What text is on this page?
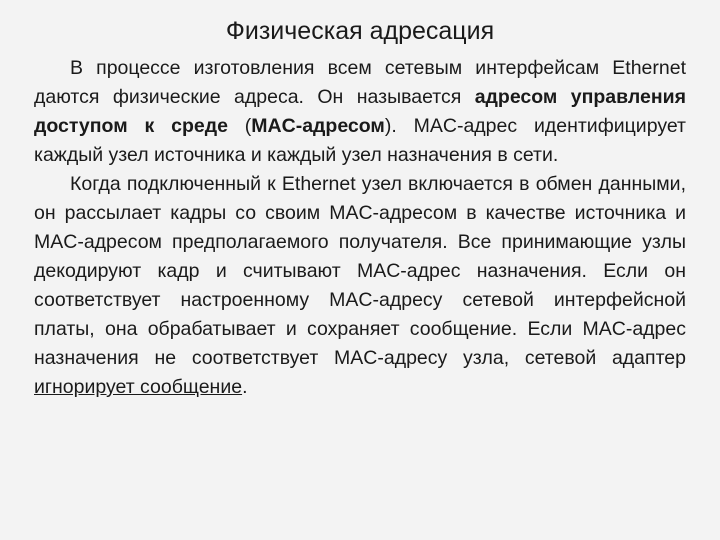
Физическая адресация

В процессе изготовления всем сетевым интерфейсам Ethernet даются физические адреса. Он называется адресом управления доступом к среде (MAC-адресом). MAC-адрес идентифицирует каждый узел источника и каждый узел назначения в сети.

Когда подключенный к Ethernet узел включается в обмен данными, он рассылает кадры со своим MAC-адресом в качестве источника и MAC-адресом предполагаемого получателя. Все принимающие узлы декодируют кадр и считывают MAC-адрес назначения. Если он соответствует настроенному MAC-адресу сетевой интерфейсной платы, она обрабатывает и сохраняет сообщение. Если MAC-адрес назначения не соответствует MAC-адресу узла, сетевой адаптер игнорирует сообщение.
